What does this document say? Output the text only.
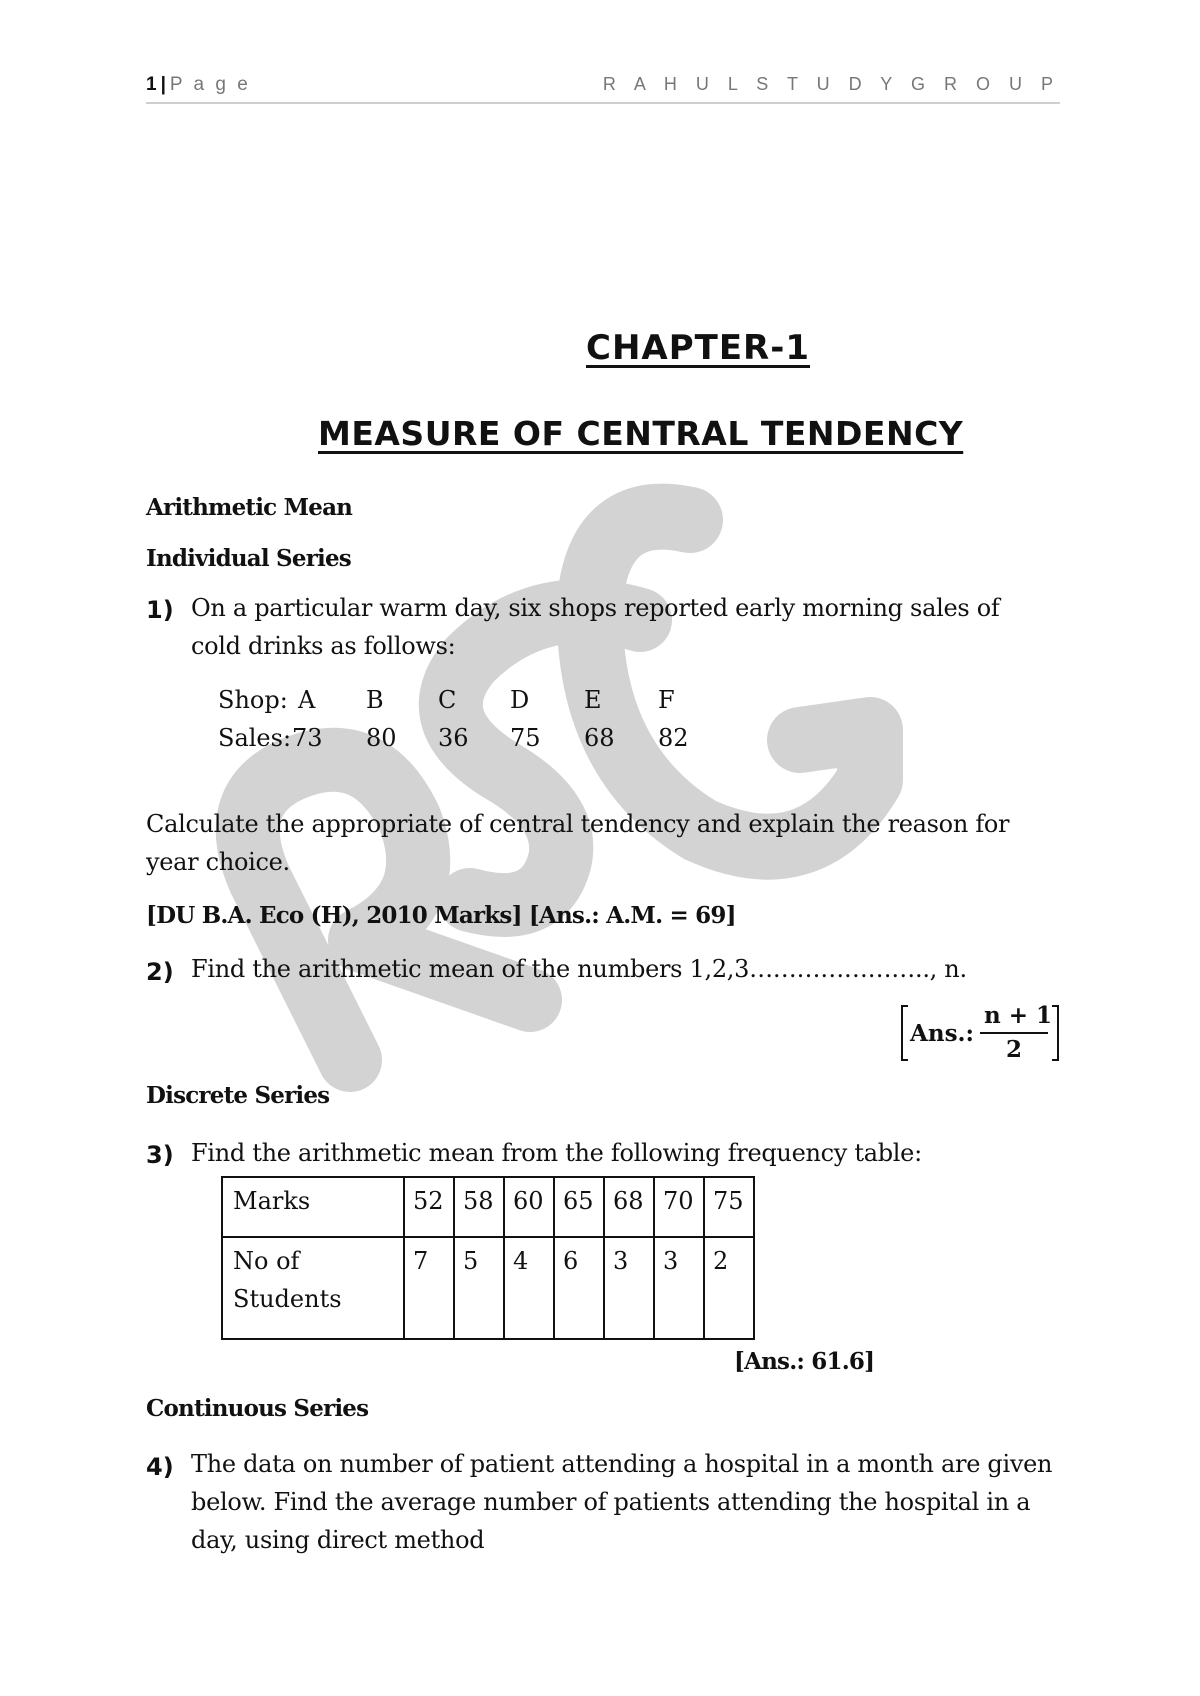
1 | P a g e	R A H U L S T U D Y G R O U P
CHAPTER-1
MEASURE OF CENTRAL TENDENCY
Arithmetic Mean
Individual Series
1) On a particular warm day, six shops reported early morning sales of
cold drinks as follows:
Shop: A B C D E F
Sales: 73 80 36 75 68 82
Calculate the appropriate of central tendency and explain the reason for
year choice.
[DU B.A. Eco (H), 2010 Marks] [Ans.: A.M. = 69]
2) Find the arithmetic mean of the numbers 1,2,3………………….., n.
Ans.:
n + 1
2
Discrete Series
3) Find the arithmetic mean from the following frequency table:
Marks	52	58	60	65	68	70	75
No of
Students	7	5	4	6	3	3	2
[Ans.: 61.6]
Continuous Series
4) The data on number of patient attending a hospital in a month are given
below. Find the average number of patients attending the hospital in a
day, using direct method
